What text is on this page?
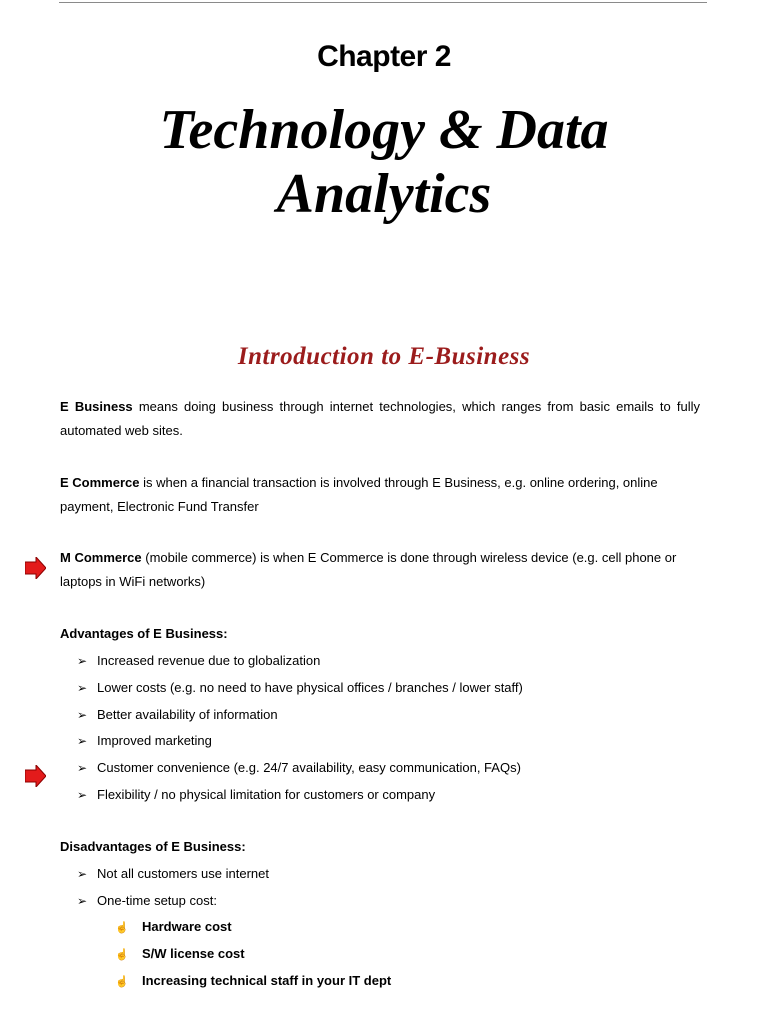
Chapter 2
Technology & Data
Analytics
Introduction to E-Business
E Business means doing business through internet technologies, which ranges from basic emails to fully automated web sites.
E Commerce is when a financial transaction is involved through E Business, e.g. online ordering, online payment, Electronic Fund Transfer
M Commerce (mobile commerce) is when E Commerce is done through wireless device (e.g. cell phone or laptops in WiFi networks)
Advantages of E Business:
➢ Increased revenue due to globalization
➢ Lower costs (e.g. no need to have physical offices / branches / lower staff)
➢ Better availability of information
➢ Improved marketing
➢ Customer convenience (e.g. 24/7 availability, easy communication, FAQs)
➢ Flexibility / no physical limitation for customers or company
Disadvantages of E Business:
➢ Not all customers use internet
➢ One-time setup cost:
☝ Hardware cost
☝ S/W license cost
☝ Increasing technical staff in your IT dept
